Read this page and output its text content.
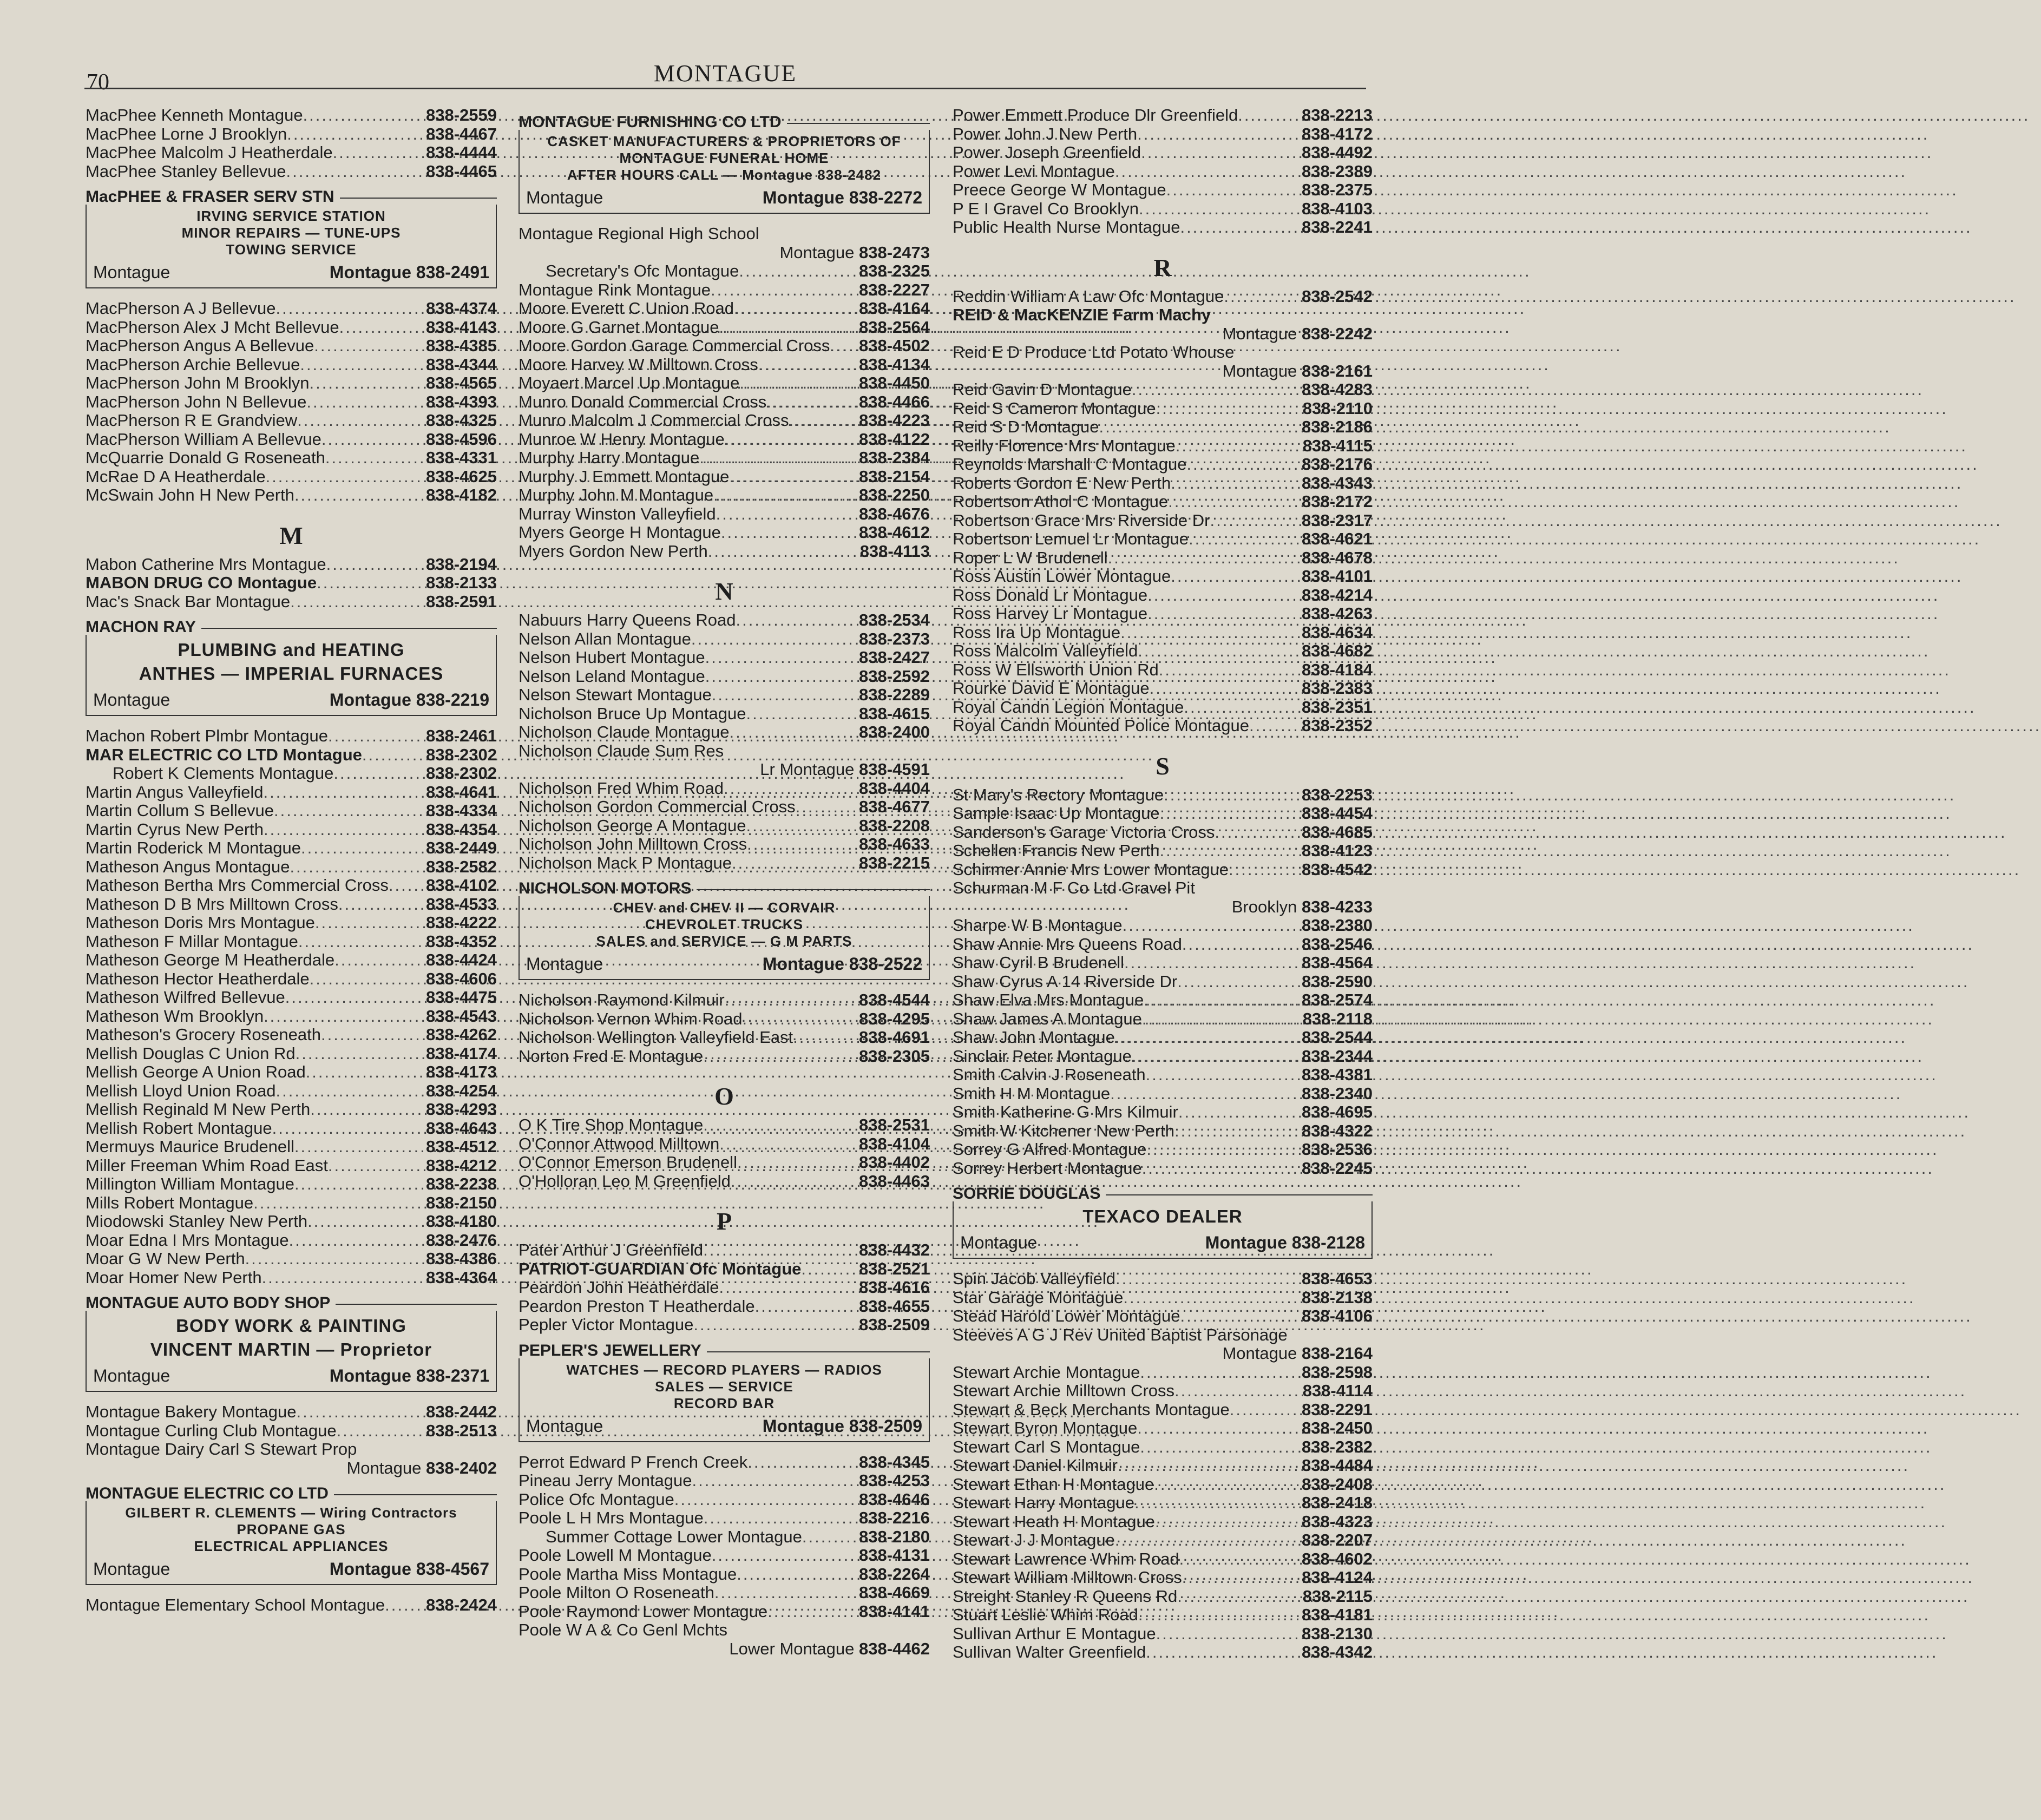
70	MONTAGUE
MacPhee Kenneth Montague .....	838-2559
MacPhee Lorne J Brooklyn .....	838-4467
MacPhee Malcolm J Heatherdale .....	838-4444
MacPhee Stanley Bellevue .....	838-4465
MacPHEE & FRASER SERV STN
IRVING SERVICE STATION
MINOR REPAIRS — TUNE-UPS
TOWING SERVICE
Montague	Montague 838-2491
MacPherson A J Bellevue .....	838-4374
MacPherson Alex J Mcht Bellevue .....	838-4143
MacPherson Angus A Bellevue .....	838-4385
MacPherson Archie Bellevue .....	838-4344
MacPherson John M Brooklyn .....	838-4565
MacPherson John N Bellevue .....	838-4393
MacPherson R E Grandview .....	838-4325
MacPherson William A Bellevue .....	838-4596
McQuarrie Donald G Roseneath .....	838-4331
McRae D A Heatherdale .....	838-4625
McSwain John H New Perth .....	838-4182
M
Mabon Catherine Mrs Montague .....	838-2194
MABON DRUG CO Montague .....	838-2133
Mac's Snack Bar Montague .....	838-2591
MACHON RAY
PLUMBING and HEATING
ANTHES — IMPERIAL FURNACES
Montague	Montague 838-2219
Machon Robert Plmbr Montague .....	838-2461
MAR ELECTRIC CO LTD Montague .....	838-2302
Robert K Clements Montague .....	838-2302
Martin Angus Valleyfield .....	838-4641
Martin Collum S Bellevue .....	838-4334
Martin Cyrus New Perth .....	838-4354
Martin Roderick M Montague .....	838-2449
Matheson Angus Montague .....	838-2582
Matheson Bertha Mrs Commercial Cross ..... 838-4102
Matheson D B Mrs Milltown Cross .....	838-4533
Matheson Doris Mrs Montague .....	838-4222
Matheson F Millar Montague .....	838-4352
Matheson George M Heatherdale .....	838-4424
Matheson Hector Heatherdale .....	838-4606
Matheson Wilfred Bellevue .....	838-4475
Matheson Wm Brooklyn .....	838-4543
Matheson's Grocery Roseneath .....	838-4262
Mellish Douglas C Union Rd .....	838-4174
Mellish George A Union Road .....	838-4173
Mellish Lloyd Union Road .....	838-4254
Mellish Reginald M New Perth .....	838-4293
Mellish Robert Montague .....	838-4643
Mermuys Maurice Brudenell .....	838-4512
Miller Freeman Whim Road East .....	838-4212
Millington William Montague .....	838-2238
Mills Robert Montague .....	838-2150
Miodowski Stanley New Perth .....	838-4180
Moar Edna I Mrs Montague .....	838-2476
Moar G W New Perth .....	838-4386
Moar Homer New Perth .....	838-4364
MONTAGUE AUTO BODY SHOP
BODY WORK & PAINTING
VINCENT MARTIN — Proprietor
Montague	Montague 838-2371
Montague Bakery Montague .....	838-2442
Montague Curling Club Montague .....	838-2513
Montague Dairy Carl S Stewart Prop
Montague 838-2402
MONTAGUE ELECTRIC CO LTD
GILBERT R. CLEMENTS — Wiring Contractors
PROPANE GAS
ELECTRICAL APPLIANCES
Montague	Montague 838-4567
Montague Elementary School Montague ..... 838-2424
MONTAGUE FURNISHING CO LTD
CASKET MANUFACTURERS & PROPRIETORS OF
MONTAGUE FUNERAL HOME
AFTER HOURS CALL — Montague 838-2482
Montague	Montague 838-2272
Montague Regional High School
Montague 838-2473
Secretary's Ofc Montague .....	838-2325
Montague Rink Montague .....	838-2227
Moore Everett C Union Road .....	838-4164
Moore G Garnet Montague .....	838-2564
Moore Gordon Garage Commercial Cross ..... 838-4502
Moore Harvey W Milltown Cross .....	838-4134
Moyaert Marcel Up Montague .....	838-4450
Munro Donald Commercial Cross .....	838-4466
Munro Malcolm J Commercial Cross .....	838-4223
Munroe W Henry Montague .....	838-4122
Murphy Harry Montague .....	838-2384
Murphy J Emmett Montague .....	838-2154
Murphy John M Montague .....	838-2250
Murray Winston Valleyfield .....	838-4676
Myers George H Montague .....	838-4612
Myers Gordon New Perth .....	838-4113
N
Nabuurs Harry Queens Road .....	838-2534
Nelson Allan Montague .....	838-2373
Nelson Hubert Montague .....	838-2427
Nelson Leland Montague .....	838-2592
Nelson Stewart Montague .....	838-2289
Nicholson Bruce Up Montague .....	838-4615
Nicholson Claude Montague .....	838-2400
Nicholson Claude Sum Res
Lr Montague 838-4591
Nicholson Fred Whim Road .....	838-4404
Nicholson Gordon Commercial Cross .....	838-4677
Nicholson George A Montague .....	838-2208
Nicholson John Milltown Cross .....	838-4633
Nicholson Mack P Montague .....	838-2215
NICHOLSON MOTORS
CHEV and CHEV II — CORVAIR
CHEVROLET TRUCKS
SALES and SERVICE — G M PARTS
Montague	Montague 838-2522
Nicholson Raymond Kilmuir .....	838-4544
Nicholson Vernon Whim Road .....	838-4295
Nicholson Wellington Valleyfield East .....	838-4691
Norton Fred E Montague .....	838-2305
O
O K Tire Shop Montague .....	838-2531
O'Connor Attwood Milltown .....	838-4104
O'Connor Emerson Brudenell .....	838-4402
O'Holloran Leo M Greenfield .....	838-4463
P
Pater Arthur J Greenfield .....	838-4432
PATRIOT-GUARDIAN Ofc Montague .....	838-2521
Peardon John Heatherdale .....	838-4616
Peardon Preston T Heatherdale .....	838-4655
Pepler Victor Montague .....	838-2509
PEPLER'S JEWELLERY
WATCHES — RECORD PLAYERS — RADIOS
SALES — SERVICE
RECORD BAR
Montague	Montague 838-2509
Perrot Edward P French Creek .....	838-4345
Pineau Jerry Montague .....	838-4253
Police Ofc Montague .....	838-4646
Poole L H Mrs Montague .....	838-2216
Summer Cottage Lower Montague .....	838-2180
Poole Lowell M Montague .....	838-4131
Poole Martha Miss Montague .....	838-2264
Poole Milton O Roseneath .....	838-4669
Poole Raymond Lower Montague .....	838-4141
Poole W A & Co Genl Mchts
Lower Montague 838-4462
Power Emmett Produce Dlr Greenfield .....	838-2213
Power John J New Perth .....	838-4172
Power Joseph Greenfield .....	838-4492
Power Levi Montague .....	838-2389
Preece George W Montague .....	838-2375
P E I Gravel Co Brooklyn .....	838-4103
Public Health Nurse Montague .....	838-2241
R
Reddin William A Law Ofc Montague .....	838-2542
REID & MacKENZIE Farm Machy
Montague 838-2242
Reid E D Produce Ltd Potato Whouse
Montague 838-2161
Reid Gavin D Montague .....	838-4283
Reid S Cameron Montague .....	838-2110
Reid S D Montague .....	838-2186
Reilly Florence Mrs Montague .....	838-4115
Reynolds Marshall C Montague .....	838-2176
Roberts Gordon E New Perth .....	838-4343
Robertson Athol C Montague .....	838-2172
Robertson Grace Mrs Riverside Dr .....	838-2317
Robertson Lemuel Lr Montague .....	838-4621
Roper L W Brudenell .....	838-4678
Ross Austin Lower Montague .....	838-4101
Ross Donald Lr Montague .....	838-4214
Ross Harvey Lr Montague .....	838-4263
Ross Ira Up Montague .....	838-4634
Ross Malcolm Valleyfield .....	838-4682
Ross W Ellsworth Union Rd .....	838-4184
Rourke David E Montague .....	838-2383
Royal Candn Legion Montague .....	838-2351
Royal Candn Mounted Police Montague .....	838-2352
S
St Mary's Rectory Montague .....	838-2253
Sample Isaac Up Montague .....	838-4454
Sanderson's Garage Victoria Cross .....	838-4685
Schellen Francis New Perth .....	838-4123
Schirmer Annie Mrs Lower Montague .....	838-4542
Schurman M F Co Ltd Gravel Pit
Brooklyn 838-4233
Sharpe W B Montague .....	838-2380
Shaw Annie Mrs Queens Road .....	838-2546
Shaw Cyril B Brudenell .....	838-4564
Shaw Cyrus A 14 Riverside Dr .....	838-2590
Shaw Elva Mrs Montague .....	838-2574
Shaw James A Montague .....	838-2118
Shaw John Montague .....	838-2544
Sinclair Peter Montague .....	838-2344
Smith Calvin J Roseneath .....	838-4381
Smith H M Montague .....	838-2340
Smith Katherine G Mrs Kilmuir .....	838-4695
Smith W Kitchener New Perth .....	838-4322
Sorrey G Alfred Montague .....	838-2536
Sorrey Herbert Montague .....	838-2245
SORRIE DOUGLAS
TEXACO DEALER
Montague	Montague 838-2128
Spin Jacob Valleyfield .....	838-4653
Star Garage Montague .....	838-2138
Stead Harold Lower Montague .....	838-4106
Steeves A G J Rev United Baptist Parsonage
Montague 838-2164
Stewart Archie Montague .....	838-2598
Stewart Archie Milltown Cross .....	838-4114
Stewart & Beck Merchants Montague .....	838-2291
Stewart Byron Montague .....	838-2450
Stewart Carl S Montague .....	838-2382
Stewart Daniel Kilmuir .....	838-4484
Stewart Ethan H Montague .....	838-2408
Stewart Harry Montague .....	838-2418
Stewart Heath H Montague .....	838-4323
Stewart J J Montague .....	838-2207
Stewart Lawrence Whim Road .....	838-4602
Stewart William Milltown Cross .....	838-4124
Streight Stanley R Queens Rd .....	838-2115
Stuart Leslie Whim Road .....	838-4181
Sullivan Arthur E Montague .....	838-2130
Sullivan Walter Greenfield .....	838-4342
